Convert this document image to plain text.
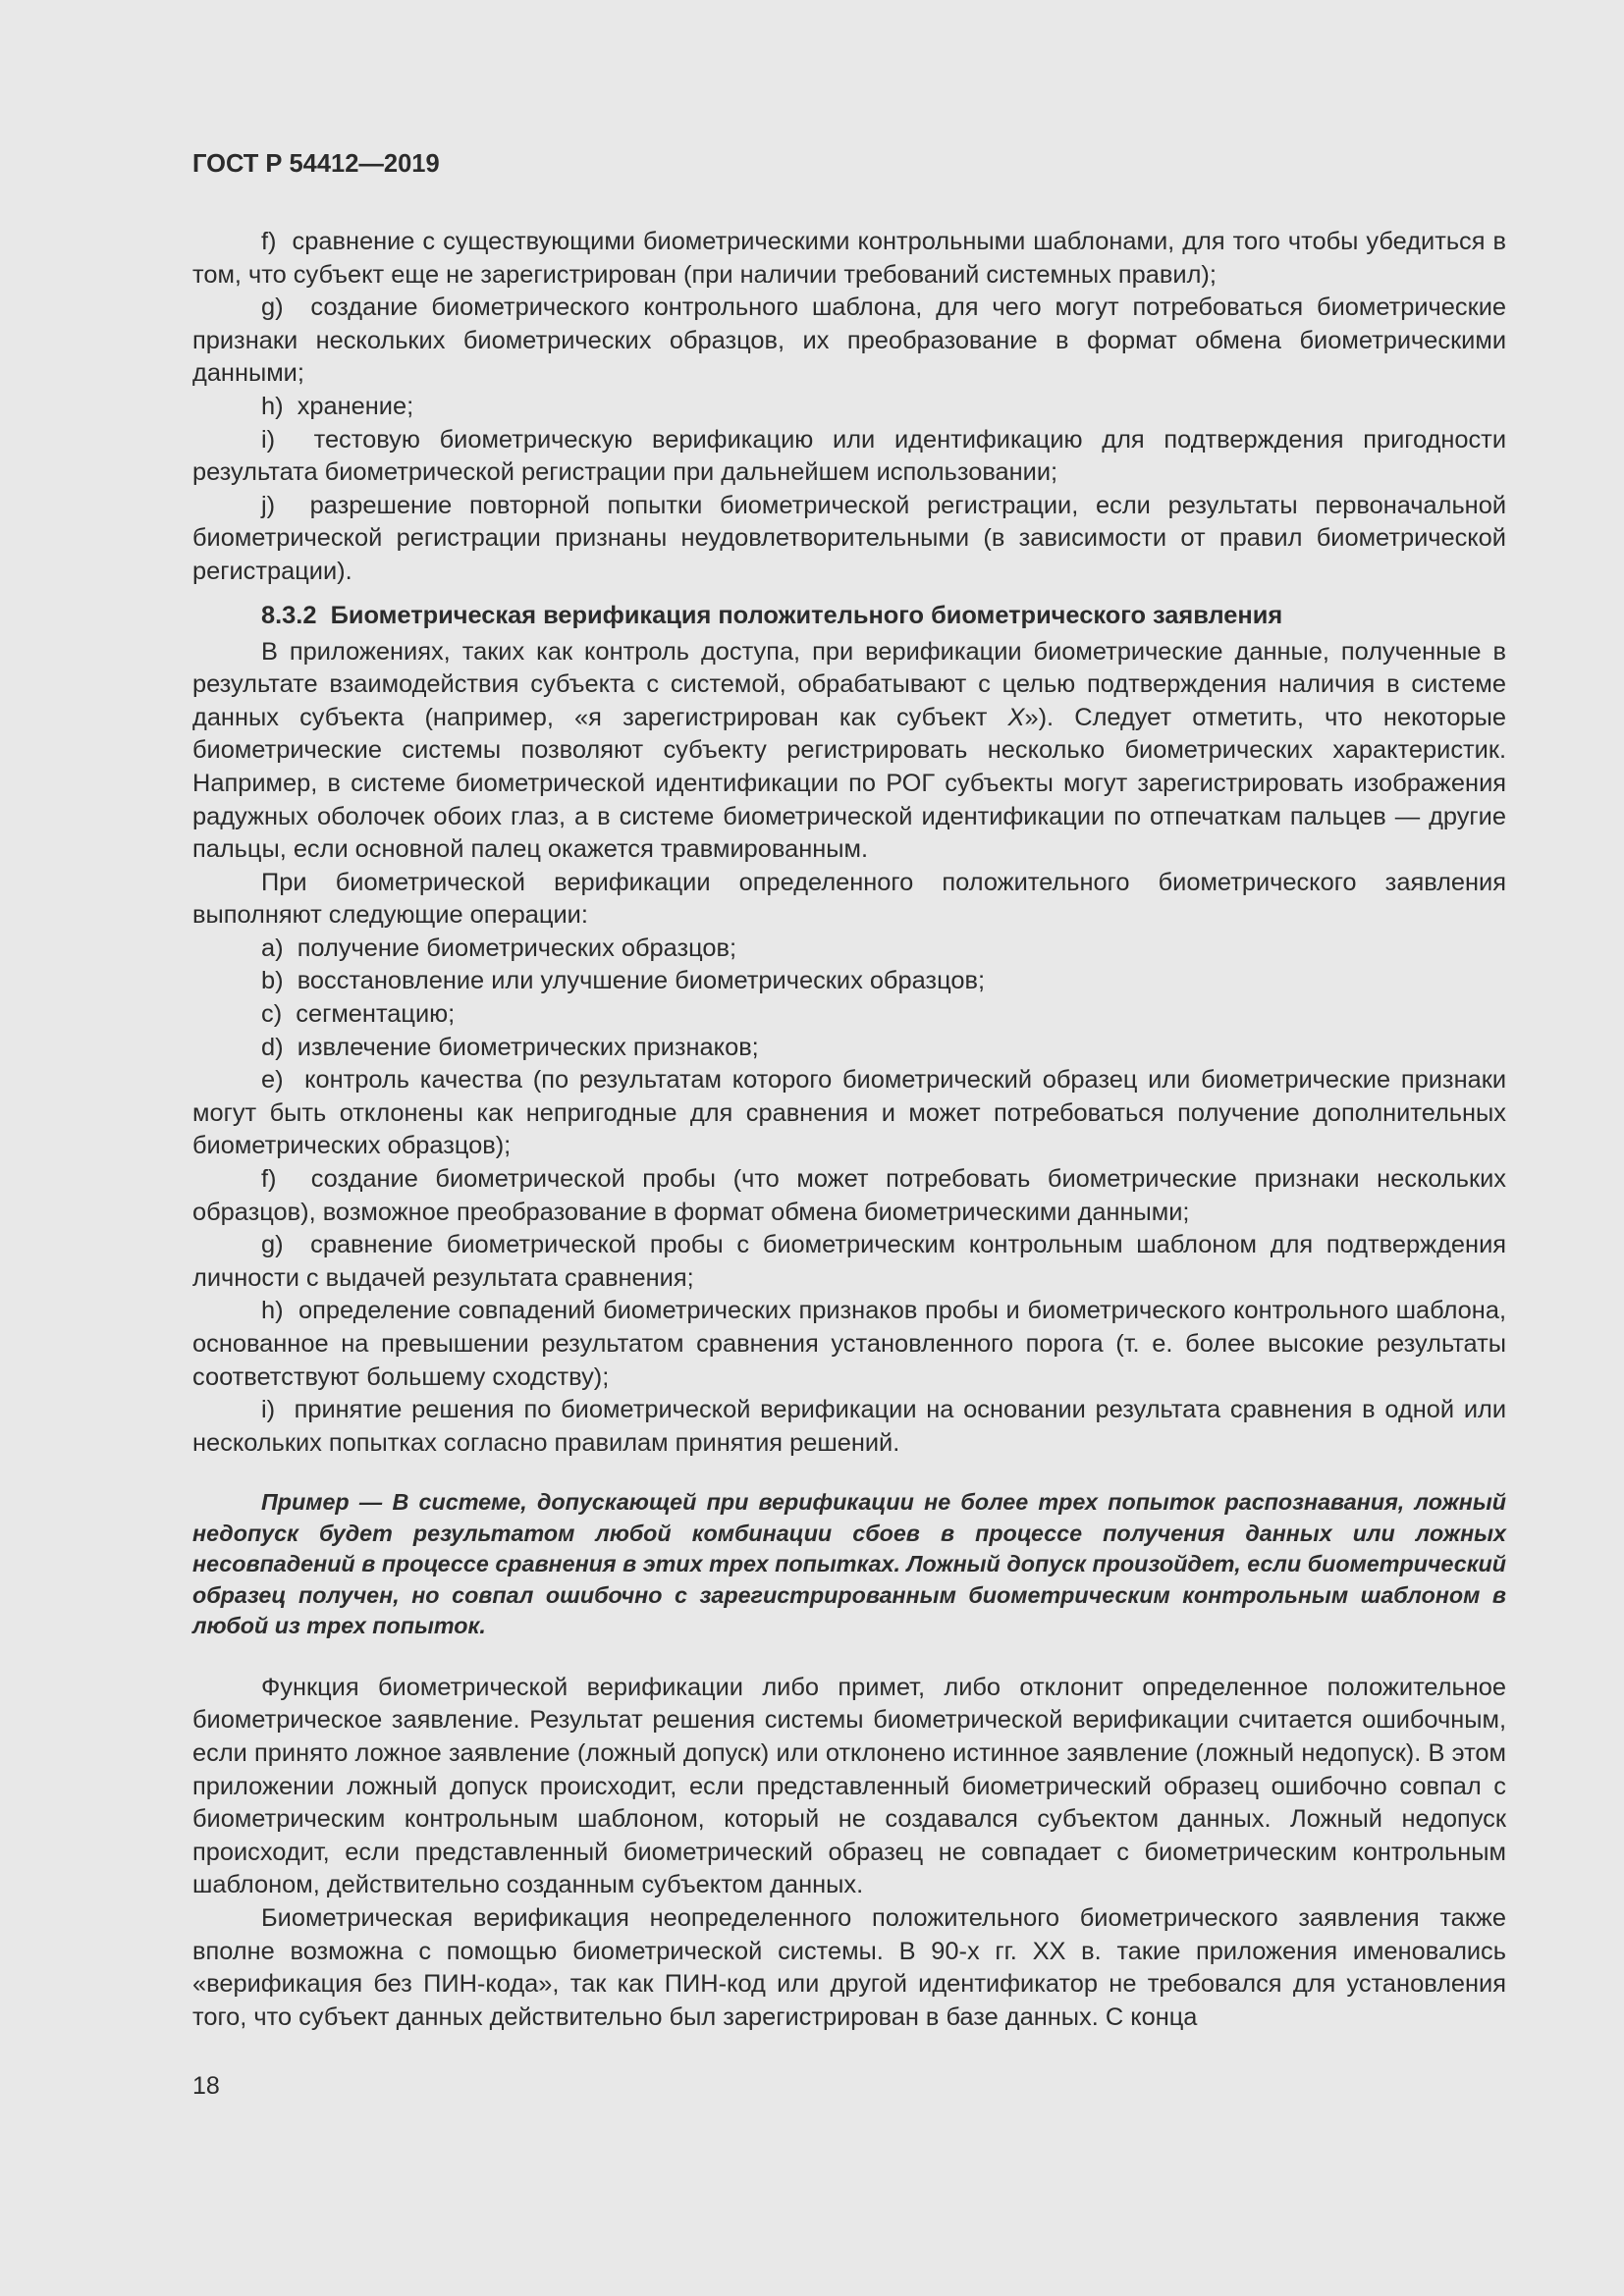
ГОСТ Р 54412—2019

f) сравнение с существующими биометрическими контрольными шаблонами, для того чтобы убедиться в том, что субъект еще не зарегистрирован (при наличии требований системных правил);

g) создание биометрического контрольного шаблона, для чего могут потребоваться биометрические признаки нескольких биометрических образцов, их преобразование в формат обмена биометрическими данными;

h) хранение;

i) тестовую биометрическую верификацию или идентификацию для подтверждения пригодности результата биометрической регистрации при дальнейшем использовании;

j) разрешение повторной попытки биометрической регистрации, если результаты первоначальной биометрической регистрации признаны неудовлетворительными (в зависимости от правил биометрической регистрации).

8.3.2 Биометрическая верификация положительного биометрического заявления

В приложениях, таких как контроль доступа, при верификации биометрические данные, полученные в результате взаимодействия субъекта с системой, обрабатывают с целью подтверждения наличия в системе данных субъекта (например, «я зарегистрирован как субъект X»). Следует отметить, что некоторые биометрические системы позволяют субъекту регистрировать несколько биометрических характеристик. Например, в системе биометрической идентификации по РОГ субъекты могут зарегистрировать изображения радужных оболочек обоих глаз, а в системе биометрической идентификации по отпечаткам пальцев — другие пальцы, если основной палец окажется травмированным.

При биометрической верификации определенного положительного биометрического заявления выполняют следующие операции:

a) получение биометрических образцов;

b) восстановление или улучшение биометрических образцов;

c) сегментацию;

d) извлечение биометрических признаков;

e) контроль качества (по результатам которого биометрический образец или биометрические признаки могут быть отклонены как непригодные для сравнения и может потребоваться получение дополнительных биометрических образцов);

f) создание биометрической пробы (что может потребовать биометрические признаки нескольких образцов), возможное преобразование в формат обмена биометрическими данными;

g) сравнение биометрической пробы с биометрическим контрольным шаблоном для подтверждения личности с выдачей результата сравнения;

h) определение совпадений биометрических признаков пробы и биометрического контрольного шаблона, основанное на превышении результатом сравнения установленного порога (т. е. более высокие результаты соответствуют большему сходству);

i) принятие решения по биометрической верификации на основании результата сравнения в одной или нескольких попытках согласно правилам принятия решений.

Пример — В системе, допускающей при верификации не более трех попыток распознавания, ложный недопуск будет результатом любой комбинации сбоев в процессе получения данных или ложных несовпадений в процессе сравнения в этих трех попытках. Ложный допуск произойдет, если биометрический образец получен, но совпал ошибочно с зарегистрированным биометрическим контрольным шаблоном в любой из трех попыток.

Функция биометрической верификации либо примет, либо отклонит определенное положительное биометрическое заявление. Результат решения системы биометрической верификации считается ошибочным, если принято ложное заявление (ложный допуск) или отклонено истинное заявление (ложный недопуск). В этом приложении ложный допуск происходит, если представленный биометрический образец ошибочно совпал с биометрическим контрольным шаблоном, который не создавался субъектом данных. Ложный недопуск происходит, если представленный биометрический образец не совпадает с биометрическим контрольным шаблоном, действительно созданным субъектом данных.

Биометрическая верификация неопределенного положительного биометрического заявления также вполне возможна с помощью биометрической системы. В 90-х гг. XX в. такие приложения именовались «верификация без ПИН-кода», так как ПИН-код или другой идентификатор не требовался для установления того, что субъект данных действительно был зарегистрирован в базе данных. С конца

18
